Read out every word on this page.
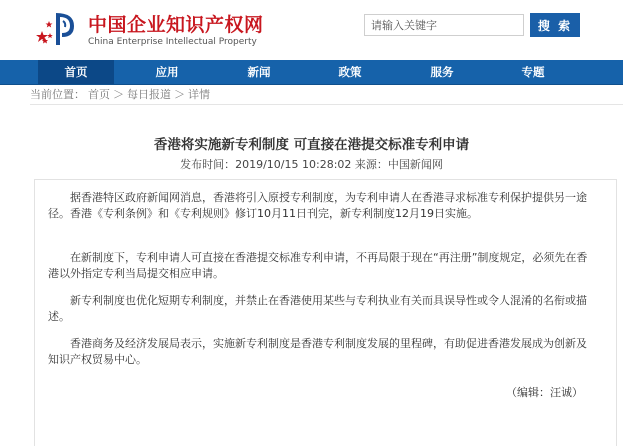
中国企业知识产权网
China Enterprise Intellectual Property
请输入关键字
搜 索
首页	应用	新闻	政策	服务	专题
当前位置： 首页 ＞ 每日报道 ＞ 详情
香港将实施新专利制度 可直接在港提交标准专利申请
发布时间：2019/10/15 10:28:02 来源：中国新闻网

据香港特区政府新闻网消息，香港将引入原授专利制度，为专利申请人在香港寻求标准专利保护提供另一途径。香港《专利条例》和《专利规则》修订10月11日刊完，新专利制度12月19日实施。

在新制度下，专利申请人可直接在香港提交标准专利申请，不再局限于现在“再注册”制度规定，必须先在香港以外指定专利当局提交相应申请。

新专利制度也优化短期专利制度，并禁止在香港使用某些与专利执业有关而具误导性或令人混淆的名衔或描述。

香港商务及经济发展局表示，实施新专利制度是香港专利制度发展的里程碑，有助促进香港发展成为创新及知识产权贸易中心。

（编辑：汪诚）
